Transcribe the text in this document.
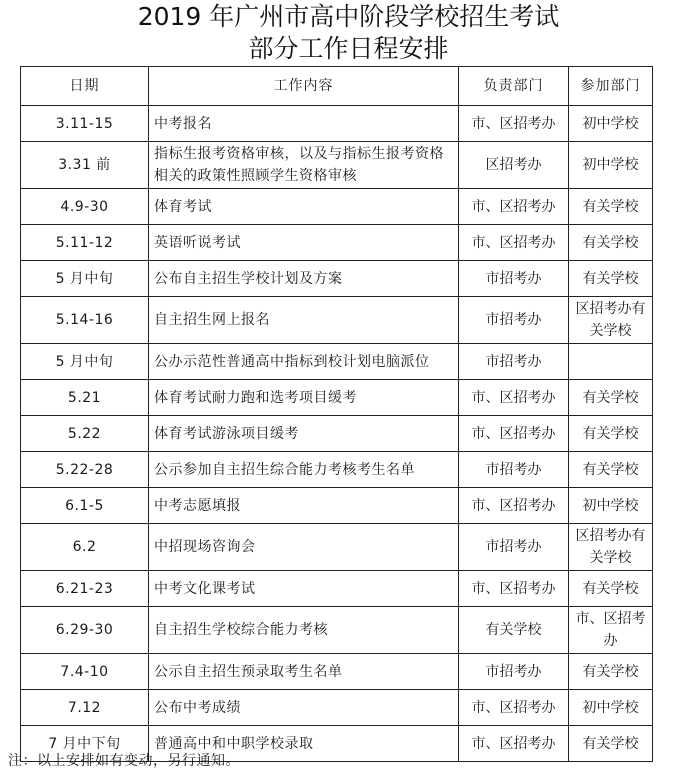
2019 年广州市高中阶段学校招生考试
部分工作日程安排
日期	工作内容	负责部门	参加部门
3.11-15	中考报名	市、区招考办	初中学校
3.31 前	指标生报考资格审核，以及与指标生报考资格相关的政策性照顾学生资格审核	区招考办	初中学校
4.9-30	体育考试	市、区招考办	有关学校
5.11-12	英语听说考试	市、区招考办	有关学校
5 月中旬	公布自主招生学校计划及方案	市招考办	有关学校
5.14-16	自主招生网上报名	市招考办	区招考办有关学校
5 月中旬	公办示范性普通高中指标到校计划电脑派位	市招考办	
5.21	体育考试耐力跑和选考项目缓考	市、区招考办	有关学校
5.22	体育考试游泳项目缓考	市、区招考办	有关学校
5.22-28	公示参加自主招生综合能力考核考生名单	市招考办	有关学校
6.1-5	中考志愿填报	市、区招考办	初中学校
6.2	中招现场咨询会	市招考办	区招考办有关学校
6.21-23	中考文化课考试	市、区招考办	有关学校
6.29-30	自主招生学校综合能力考核	有关学校	市、区招考办
7.4-10	公示自主招生预录取考生名单	市招考办	有关学校
7.12	公布中考成绩	市、区招考办	初中学校
7 月中下旬	普通高中和中职学校录取	市、区招考办	有关学校
注：以上安排如有变动，另行通知。
